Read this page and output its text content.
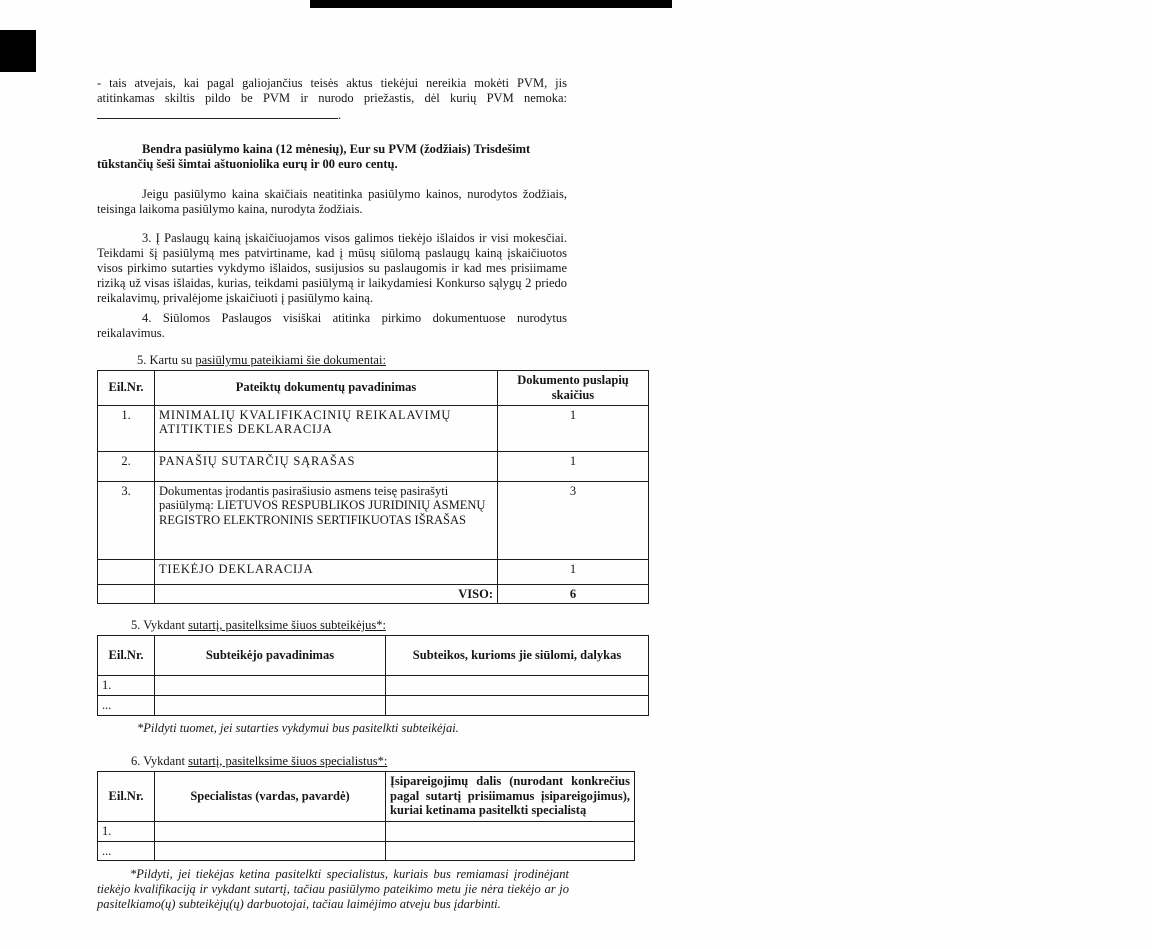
- tais atvejais, kai pagal galiojančius teisės aktus tiekėjui nereikia mokėti PVM, jis atitinkamas skiltis pildo be PVM ir nurodo priežastis, dėl kurių PVM nemoka:

.

Bendra pasiūlymo kaina (12 mėnesių), Eur su PVM (žodžiais) Trisdešimt tūkstančių šeši šimtai aštuoniolika eurų ir 00 euro centų.

Jeigu pasiūlymo kaina skaičiais neatitinka pasiūlymo kainos, nurodytos žodžiais, teisinga laikoma pasiūlymo kaina, nurodyta žodžiais.

3. Į Paslaugų kainą įskaičiuojamos visos galimos tiekėjo išlaidos ir visi mokesčiai. Teikdami šį pasiūlymą mes patvirtiname, kad į mūsų siūlomą paslaugų kainą įskaičiuotos visos pirkimo sutarties vykdymo išlaidos, susijusios su paslaugomis ir kad mes prisiimame riziką už visas išlaidas, kurias, teikdami pasiūlymą ir laikydamiesi Konkurso sąlygų 2 priedo reikalavimų, privalėjome įskaičiuoti į pasiūlymo kainą.

4. Siūlomos Paslaugos visiškai atitinka pirkimo dokumentuose nurodytus reikalavimus.

5. Kartu su pasiūlymu pateikiami šie dokumentai:

Eil.Nr.	Pateiktų dokumentų pavadinimas	Dokumento puslapių skaičius
1.	MINIMALIŲ KVALIFIKACINIŲ REIKALAVIMŲ ATITIKTIES DEKLARACIJA	1
2.	PANAŠIŲ SUTARČIŲ SĄRAŠAS	1
3.	Dokumentas įrodantis pasirašiusio asmens teisę pasirašyti pasiūlymą: LIETUVOS RESPUBLIKOS JURIDINIŲ ASMENŲ REGISTRO ELEKTRONINIS SERTIFIKUOTAS IŠRAŠAS	3
	TIEKĖJO DEKLARACIJA	1
	VISO:	6

5. Vykdant sutartį, pasitelksime šiuos subteikėjus*:

Eil.Nr.	Subteikėjo pavadinimas	Subteikos, kurioms jie siūlomi, dalykas
1.		
...		

*Pildyti tuomet, jei sutarties vykdymui bus pasitelkti subteikėjai.

6. Vykdant sutartį, pasitelksime šiuos specialistus*:

Eil.Nr.	Specialistas (vardas, pavardė)	Įsipareigojimų dalis (nurodant konkrečius pagal sutartį prisiimamus įsipareigojimus), kuriai ketinama pasitelkti specialistą
1.		
...		

*Pildyti, jei tiekėjas ketina pasitelkti specialistus, kuriais bus remiamasi įrodinėjant tiekėjo kvalifikaciją ir vykdant sutartį, tačiau pasiūlymo pateikimo metu jie nėra tiekėjo ar jo pasitelkiamo(ų) subteikėjų(ų) darbuotojai, tačiau laimėjimo atveju bus įdarbinti.
